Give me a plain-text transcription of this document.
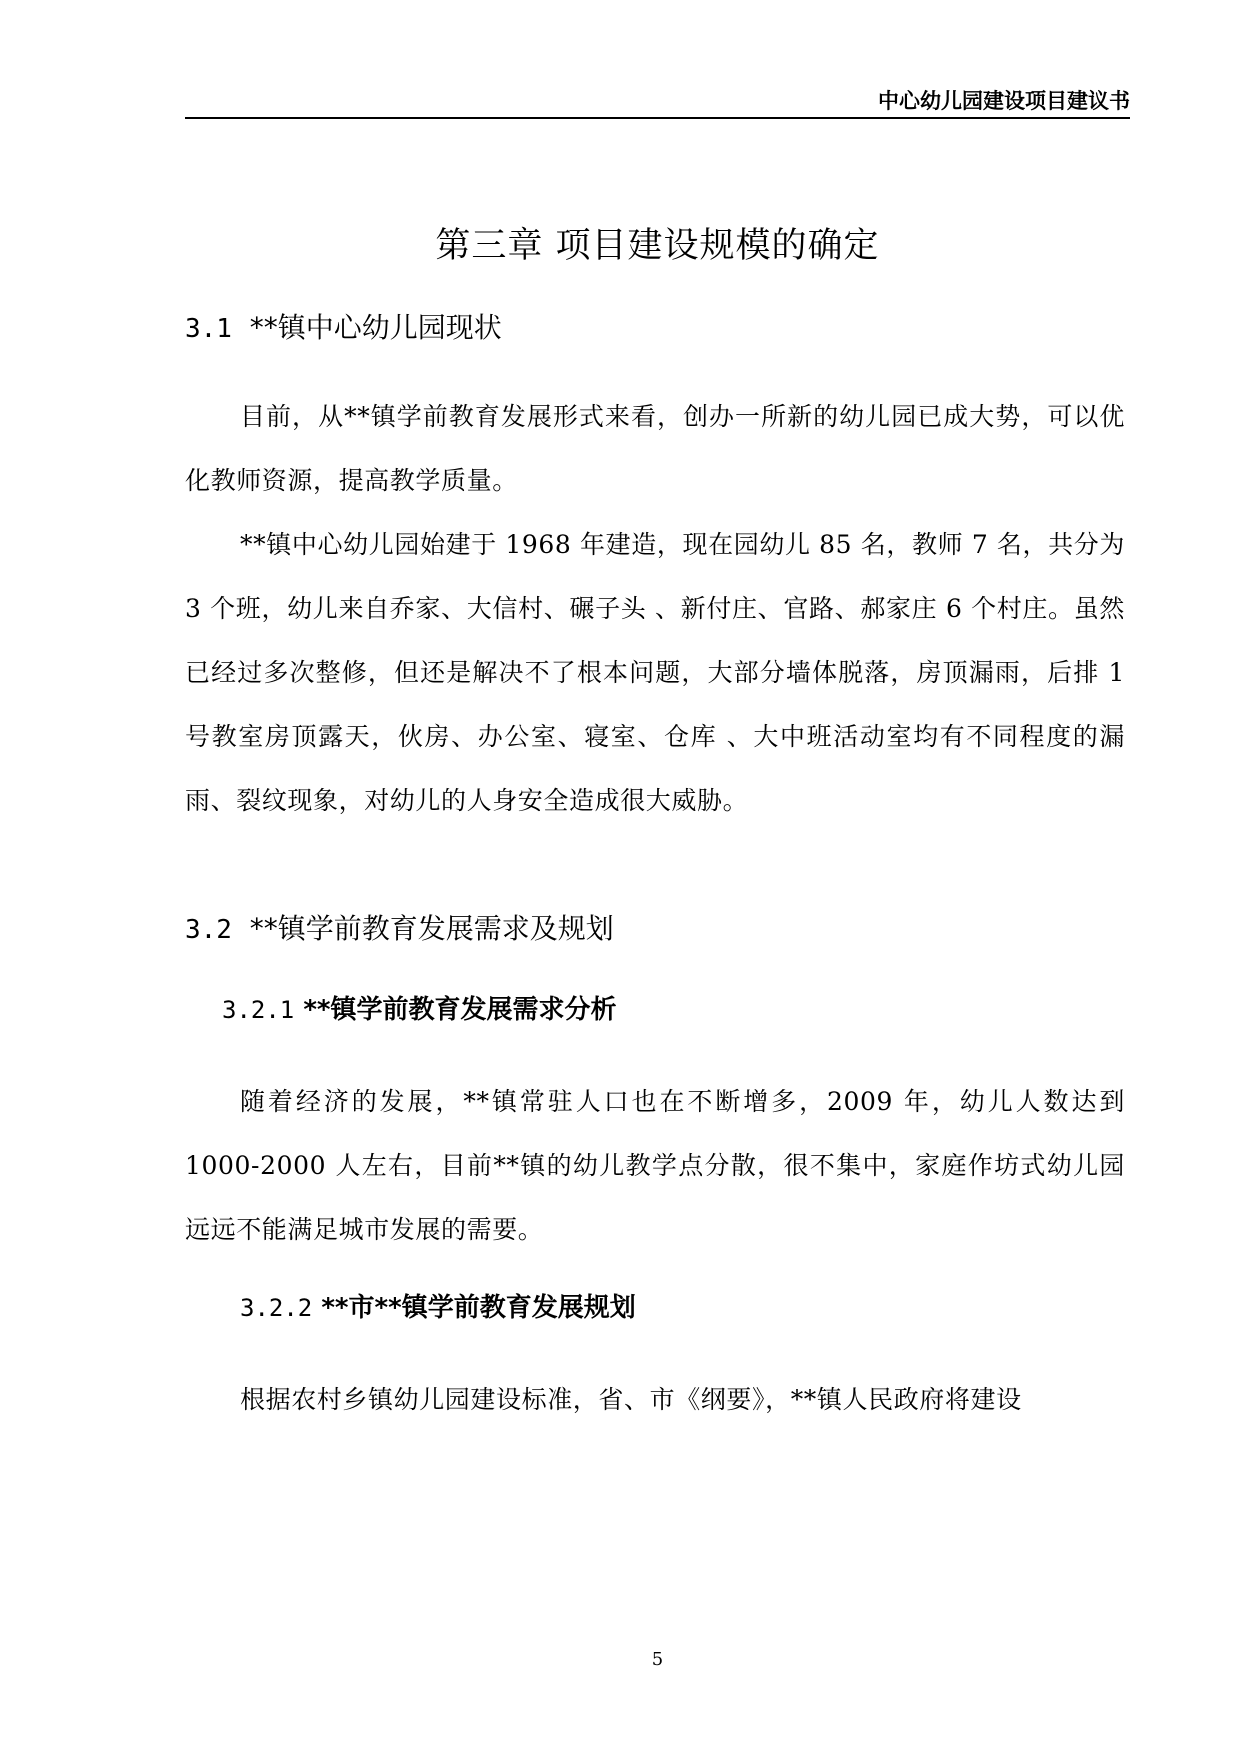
中心幼儿园建设项目建议书
第三章 项目建设规模的确定
3.1 **镇中心幼儿园现状

目前，从**镇学前教育发展形式来看，创办一所新的幼儿园已成大势，可以优化教师资源，提高教学质量。

**镇中心幼儿园始建于 1968 年建造，现在园幼儿 85 名，教师 7 名，共分为 3 个班，幼儿来自乔家、大信村、碾子头 、新付庄、官路、郝家庄 6 个村庄。虽然已经过多次整修，但还是解决不了根本问题，大部分墙体脱落，房顶漏雨，后排 1 号教室房顶露天，伙房、办公室、寝室、仓库 、大中班活动室均有不同程度的漏雨、裂纹现象，对幼儿的人身安全造成很大威胁。

3.2 **镇学前教育发展需求及规划
3.2.1 **镇学前教育发展需求分析

随着经济的发展，**镇常驻人口也在不断增多，2009 年，幼儿人数达到 1000-2000 人左右，目前**镇的幼儿教学点分散，很不集中，家庭作坊式幼儿园远远不能满足城市发展的需要。

3.2.2 **市**镇学前教育发展规划

根据农村乡镇幼儿园建设标准，省、市《纲要》，**镇人民政府将建设

5
